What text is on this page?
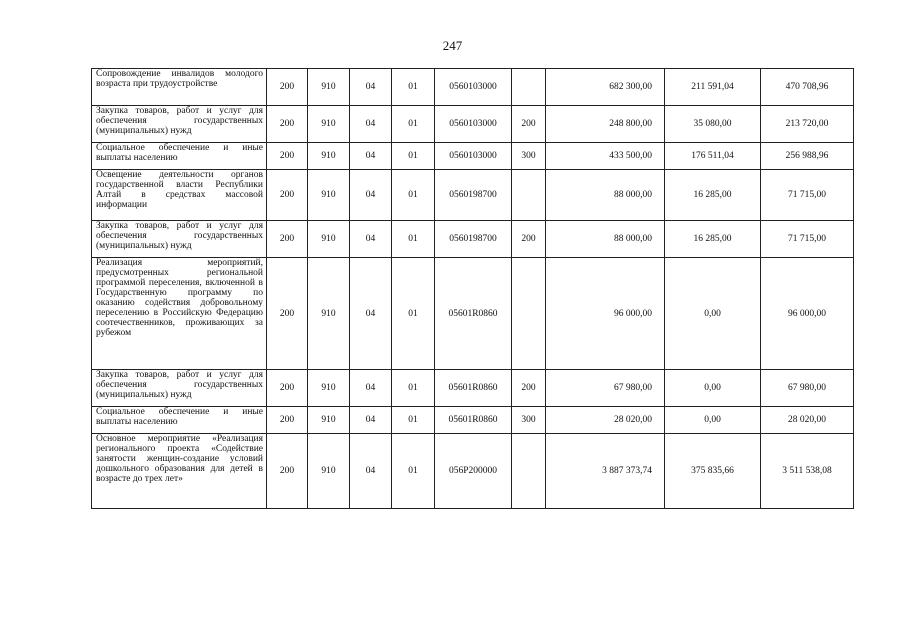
247
Сопровождение инвалидов молодого возраста при трудоустройстве	200	910	04	01	0560103000		682 300,00	211 591,04	470 708,96
Закупка товаров, работ и услуг для обеспечения государственных (муниципальных) нужд	200	910	04	01	0560103000	200	248 800,00	35 080,00	213 720,00
Социальное обеспечение и иные выплаты населению	200	910	04	01	0560103000	300	433 500,00	176 511,04	256 988,96
Освещение деятельности органов государственной власти Республики Алтай в средствах массовой информации	200	910	04	01	0560198700		88 000,00	16 285,00	71 715,00
Закупка товаров, работ и услуг для обеспечения государственных (муниципальных) нужд	200	910	04	01	0560198700	200	88 000,00	16 285,00	71 715,00
Реализация мероприятий, предусмотренных региональной программой переселения, включенной в Государственную программу по оказанию содействия добровольному переселению в Российскую Федерацию соотечественников, проживающих за рубежом	200	910	04	01	05601R0860		96 000,00	0,00	96 000,00
Закупка товаров, работ и услуг для обеспечения государственных (муниципальных) нужд	200	910	04	01	05601R0860	200	67 980,00	0,00	67 980,00
Социальное обеспечение и иные выплаты населению	200	910	04	01	05601R0860	300	28 020,00	0,00	28 020,00
Основное мероприятие «Реализация регионального проекта «Содействие занятости женщин-создание условий дошкольного образования для детей в возрасте до трех лет»	200	910	04	01	056P200000		3 887 373,74	375 835,66	3 511 538,08
